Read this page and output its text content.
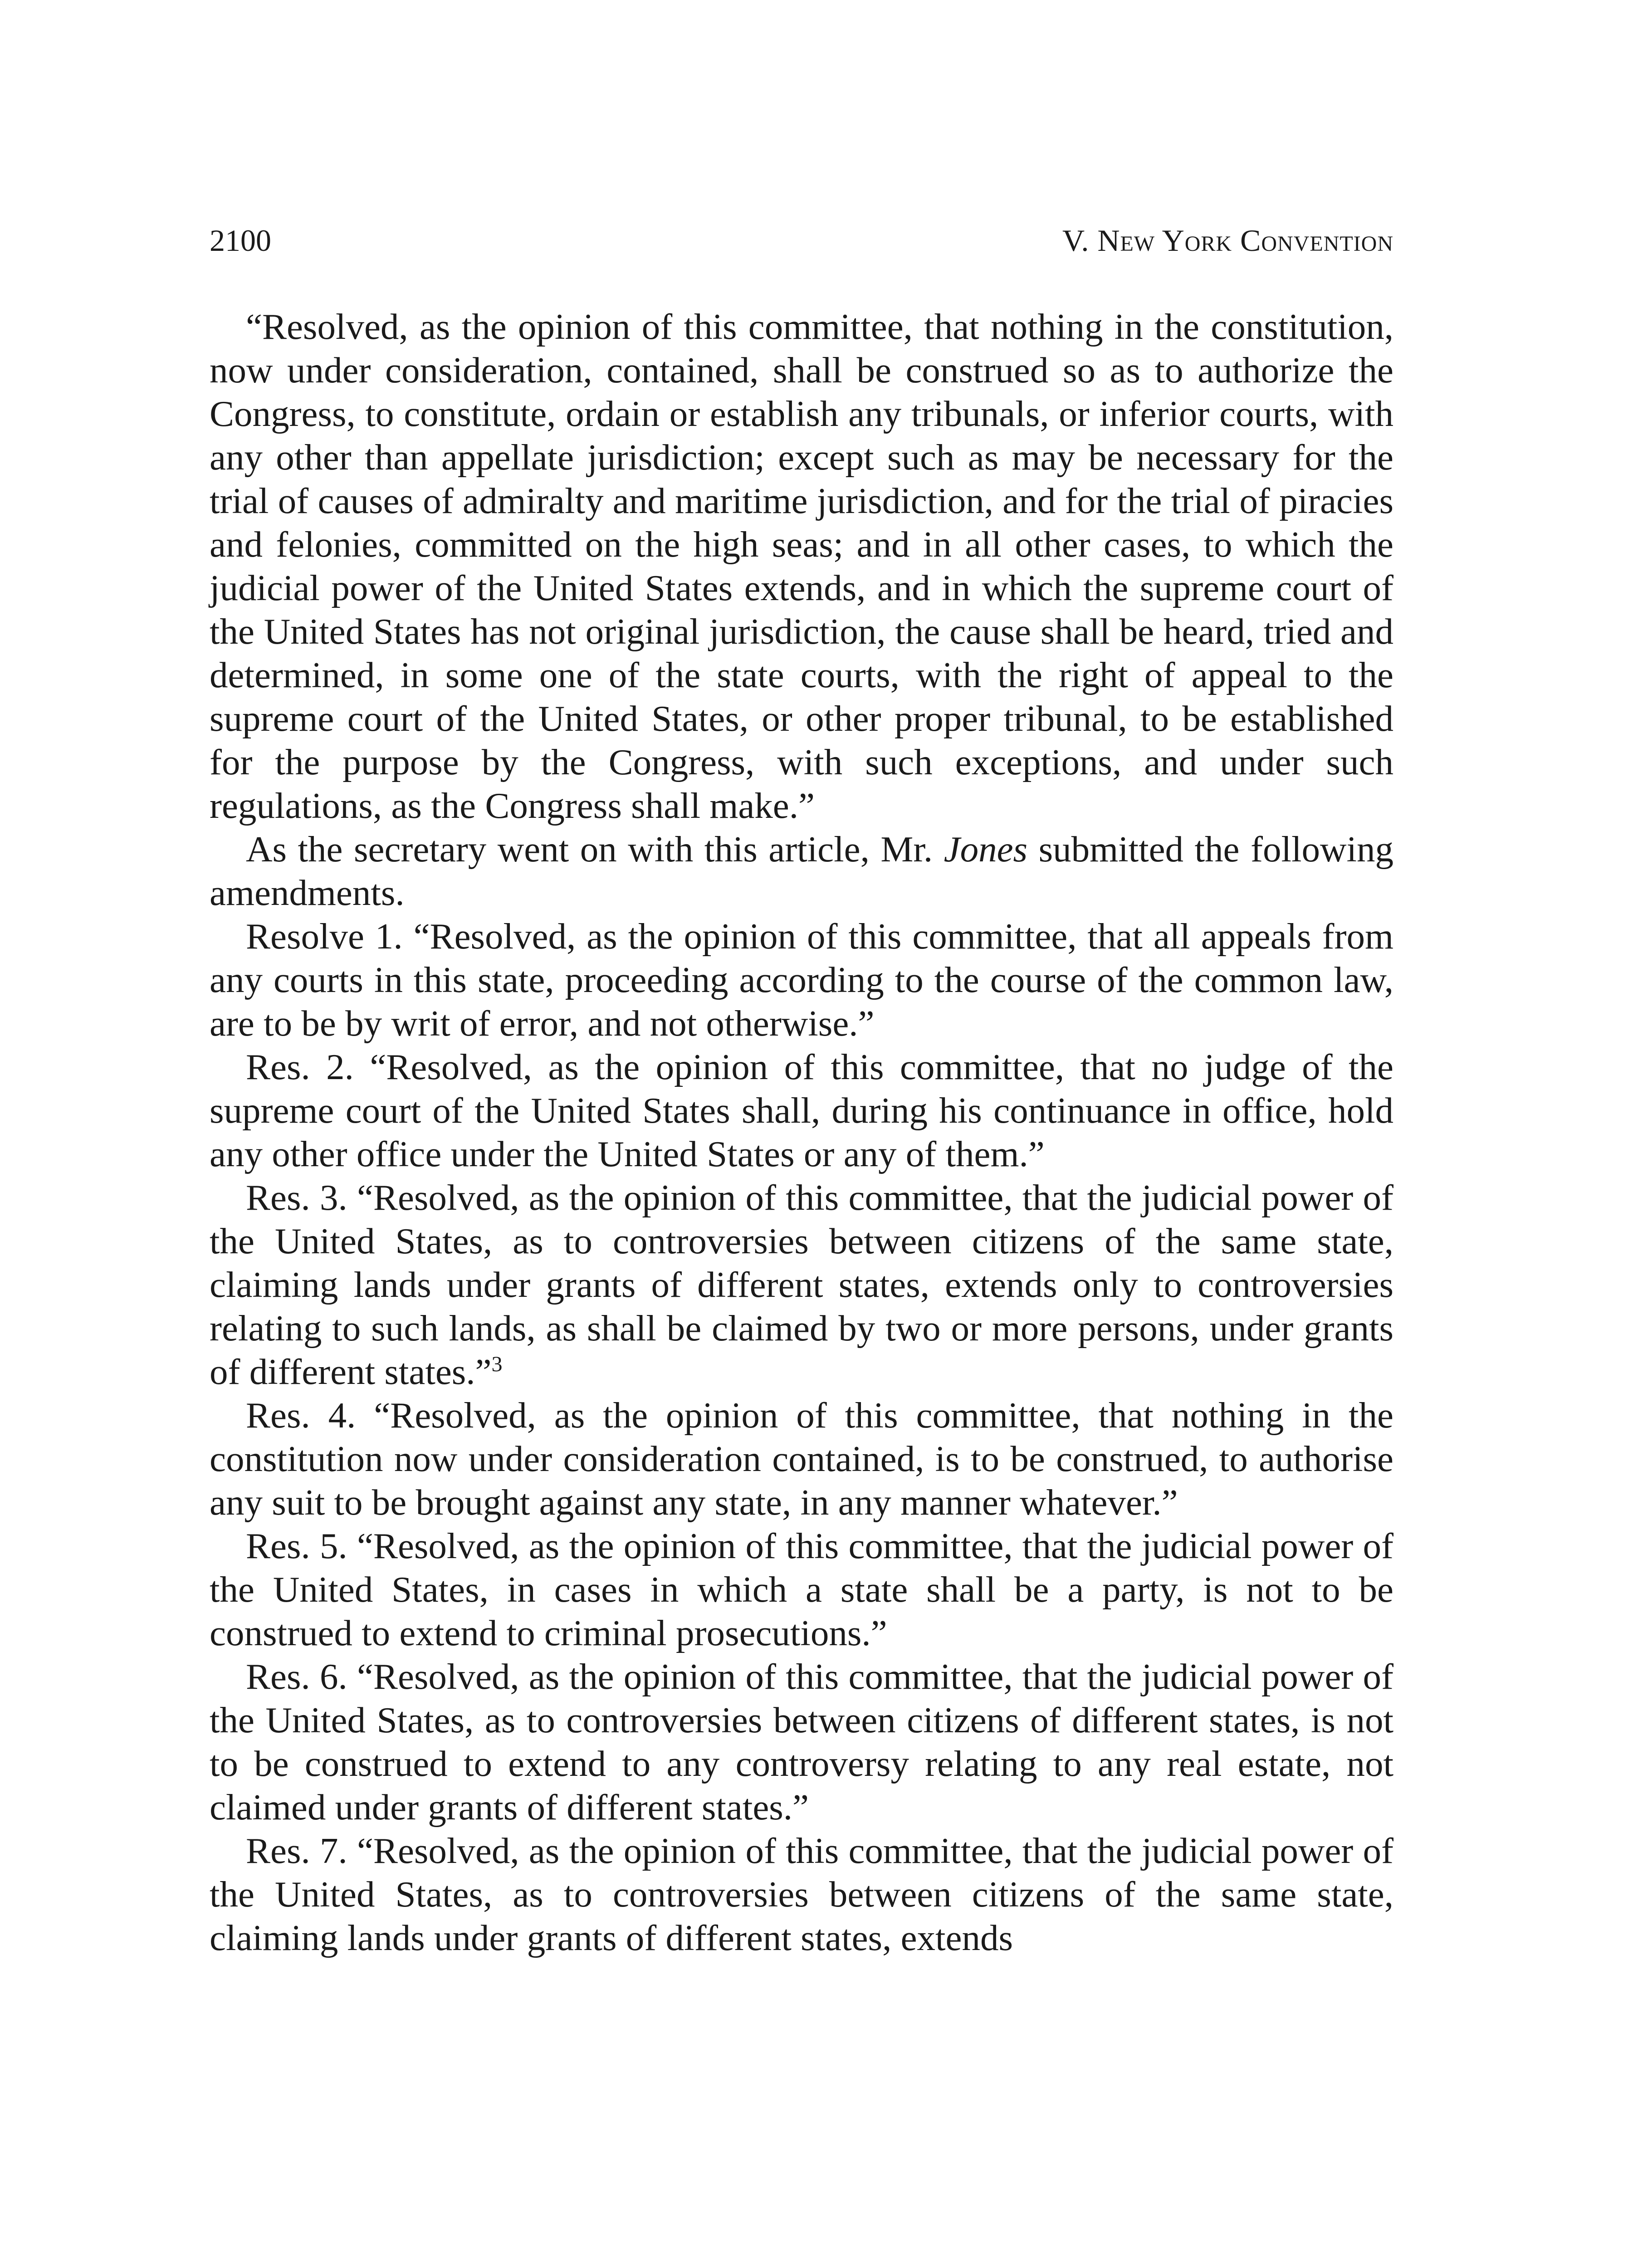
2100	V. New York Convention

“Resolved, as the opinion of this committee, that nothing in the constitution, now under consideration, contained, shall be construed so as to authorize the Congress, to constitute, ordain or establish any tribunals, or inferior courts, with any other than appellate jurisdiction; except such as may be necessary for the trial of causes of admiralty and maritime jurisdiction, and for the trial of piracies and felonies, committed on the high seas; and in all other cases, to which the judicial power of the United States extends, and in which the supreme court of the United States has not original jurisdiction, the cause shall be heard, tried and determined, in some one of the state courts, with the right of appeal to the supreme court of the United States, or other proper tribunal, to be established for the purpose by the Congress, with such exceptions, and under such regulations, as the Congress shall make.”

As the secretary went on with this article, Mr. Jones submitted the following amendments.

Resolve 1. “Resolved, as the opinion of this committee, that all appeals from any courts in this state, proceeding according to the course of the common law, are to be by writ of error, and not otherwise.”

Res. 2. “Resolved, as the opinion of this committee, that no judge of the supreme court of the United States shall, during his continuance in office, hold any other office under the United States or any of them.”

Res. 3. “Resolved, as the opinion of this committee, that the judicial power of the United States, as to controversies between citizens of the same state, claiming lands under grants of different states, extends only to controversies relating to such lands, as shall be claimed by two or more persons, under grants of different states.”$^3$

Res. 4. “Resolved, as the opinion of this committee, that nothing in the constitution now under consideration contained, is to be construed, to authorise any suit to be brought against any state, in any manner whatever.”

Res. 5. “Resolved, as the opinion of this committee, that the judicial power of the United States, in cases in which a state shall be a party, is not to be construed to extend to criminal prosecutions.”

Res. 6. “Resolved, as the opinion of this committee, that the judicial power of the United States, as to controversies between citizens of different states, is not to be construed to extend to any controversy relating to any real estate, not claimed under grants of different states.”

Res. 7. “Resolved, as the opinion of this committee, that the judicial power of the United States, as to controversies between citizens of the same state, claiming lands under grants of different states, extends
